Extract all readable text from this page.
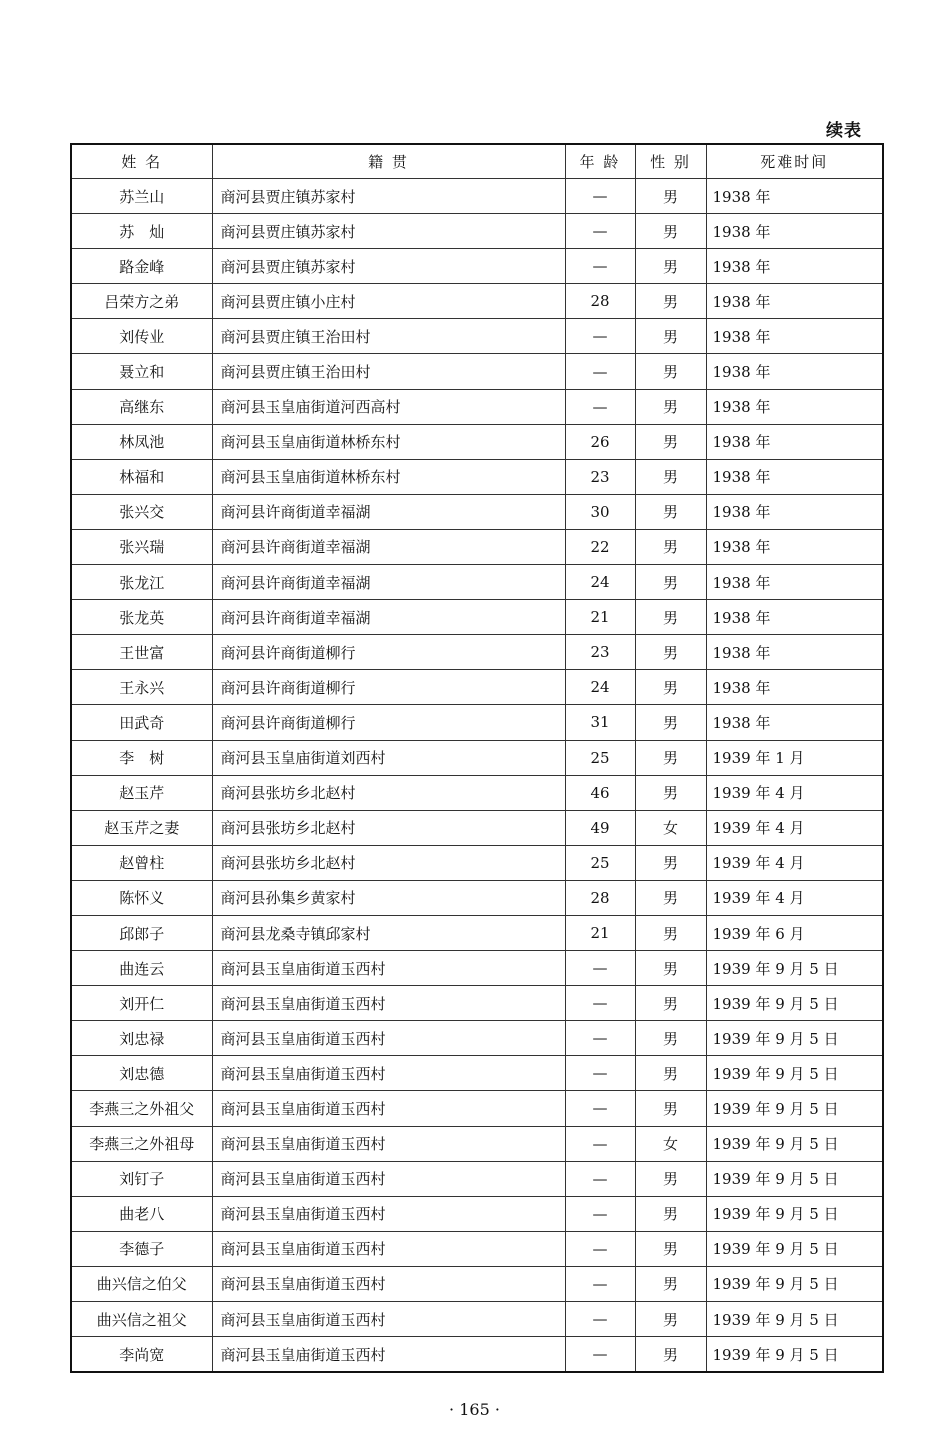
续表
姓 名	籍 贯	年 龄	性 别	死难时间
苏兰山	商河县贾庄镇苏家村	—	男	1938 年
苏　灿	商河县贾庄镇苏家村	—	男	1938 年
路金峰	商河县贾庄镇苏家村	—	男	1938 年
吕荣方之弟	商河县贾庄镇小庄村	28	男	1938 年
刘传业	商河县贾庄镇王治田村	—	男	1938 年
聂立和	商河县贾庄镇王治田村	—	男	1938 年
高继东	商河县玉皇庙街道河西高村	—	男	1938 年
林凤池	商河县玉皇庙街道林桥东村	26	男	1938 年
林福和	商河县玉皇庙街道林桥东村	23	男	1938 年
张兴交	商河县许商街道幸福湖	30	男	1938 年
张兴瑞	商河县许商街道幸福湖	22	男	1938 年
张龙江	商河县许商街道幸福湖	24	男	1938 年
张龙英	商河县许商街道幸福湖	21	男	1938 年
王世富	商河县许商街道柳行	23	男	1938 年
王永兴	商河县许商街道柳行	24	男	1938 年
田武奇	商河县许商街道柳行	31	男	1938 年
李　树	商河县玉皇庙街道刘西村	25	男	1939 年 1 月
赵玉芹	商河县张坊乡北赵村	46	男	1939 年 4 月
赵玉芹之妻	商河县张坊乡北赵村	49	女	1939 年 4 月
赵曾柱	商河县张坊乡北赵村	25	男	1939 年 4 月
陈怀义	商河县孙集乡黄家村	28	男	1939 年 4 月
邱郎子	商河县龙桑寺镇邱家村	21	男	1939 年 6 月
曲连云	商河县玉皇庙街道玉西村	—	男	1939 年 9 月 5 日
刘开仁	商河县玉皇庙街道玉西村	—	男	1939 年 9 月 5 日
刘忠禄	商河县玉皇庙街道玉西村	—	男	1939 年 9 月 5 日
刘忠德	商河县玉皇庙街道玉西村	—	男	1939 年 9 月 5 日
李燕三之外祖父	商河县玉皇庙街道玉西村	—	男	1939 年 9 月 5 日
李燕三之外祖母	商河县玉皇庙街道玉西村	—	女	1939 年 9 月 5 日
刘钉子	商河县玉皇庙街道玉西村	—	男	1939 年 9 月 5 日
曲老八	商河县玉皇庙街道玉西村	—	男	1939 年 9 月 5 日
李德子	商河县玉皇庙街道玉西村	—	男	1939 年 9 月 5 日
曲兴信之伯父	商河县玉皇庙街道玉西村	—	男	1939 年 9 月 5 日
曲兴信之祖父	商河县玉皇庙街道玉西村	—	男	1939 年 9 月 5 日
李尚宽	商河县玉皇庙街道玉西村	—	男	1939 年 9 月 5 日
· 165 ·
